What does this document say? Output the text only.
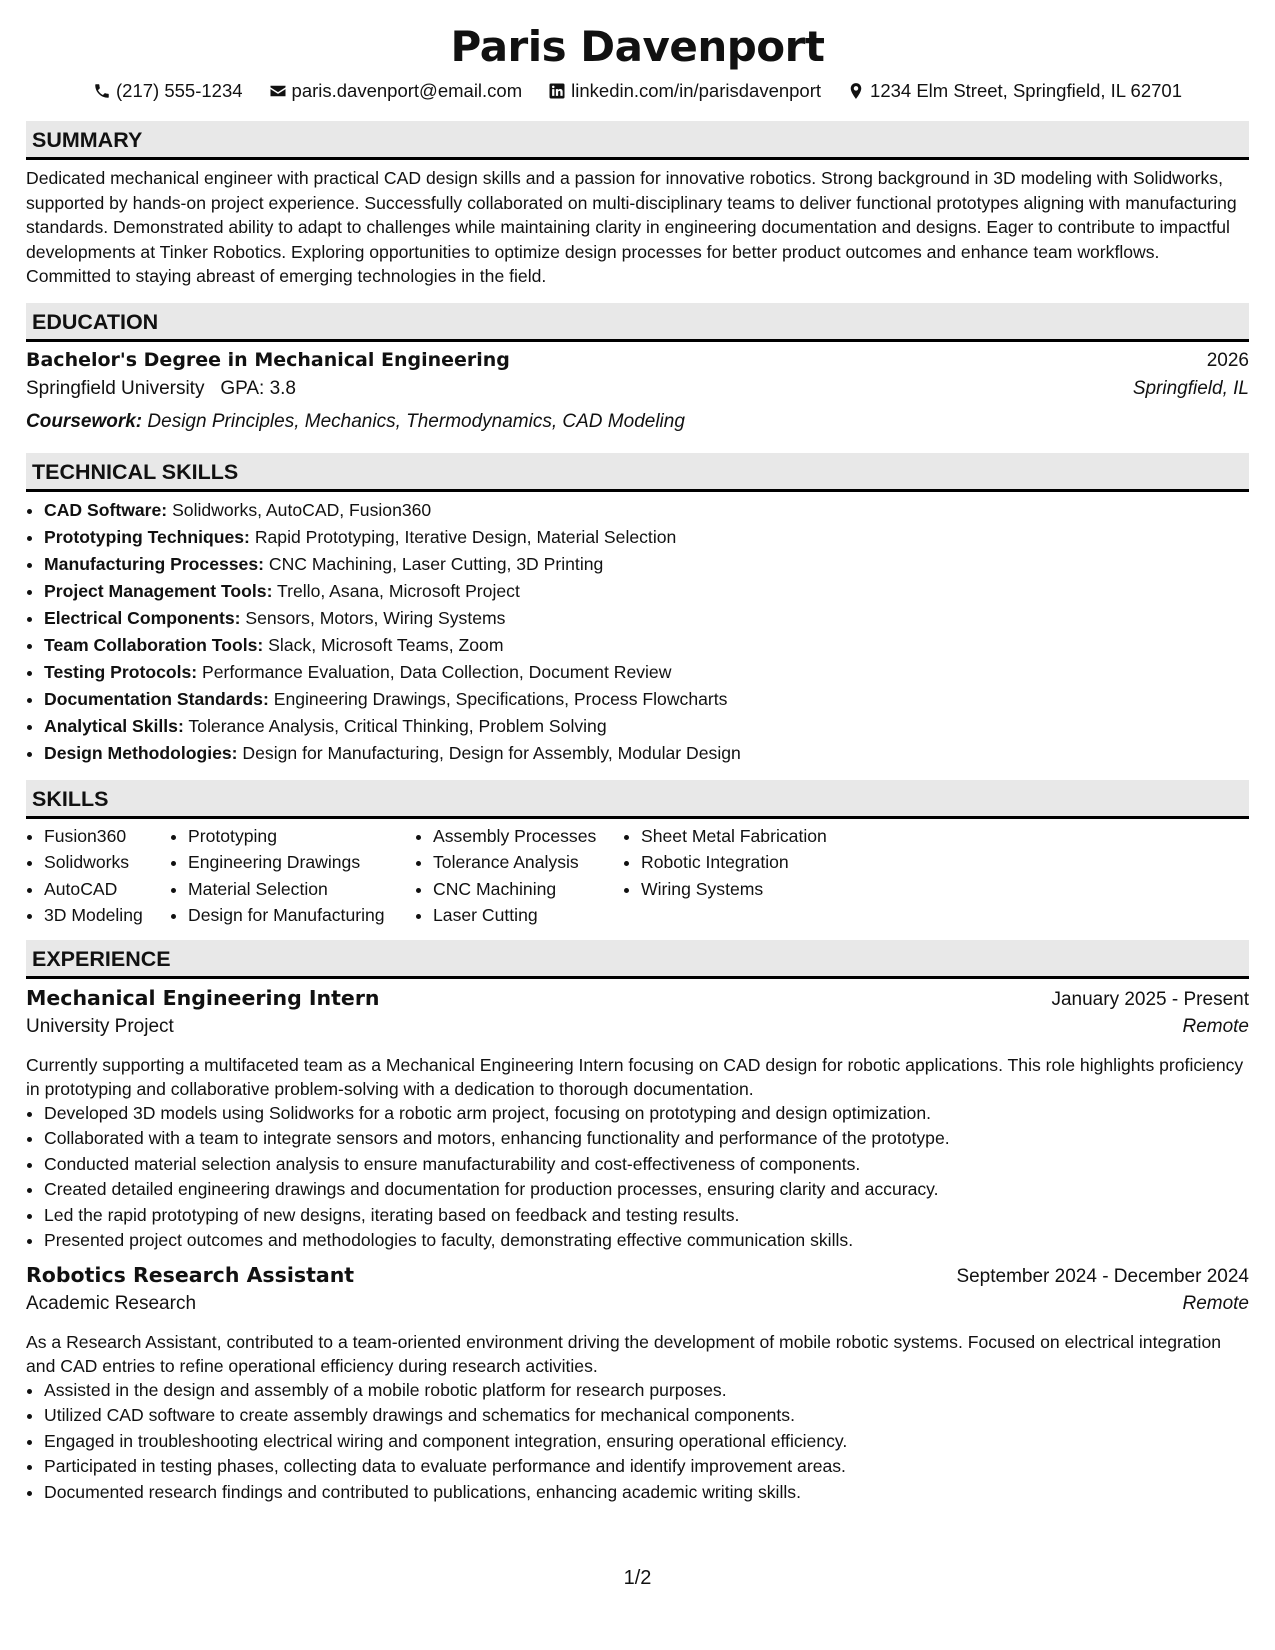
Paris Davenport
(217) 555-1234	paris.davenport@email.com	linkedin.com/in/parisdavenport	1234 Elm Street, Springfield, IL 62701
SUMMARY
Dedicated mechanical engineer with practical CAD design skills and a passion for innovative robotics. Strong background in 3D modeling with Solidworks, supported by hands-on project experience. Successfully collaborated on multi-disciplinary teams to deliver functional prototypes aligning with manufacturing standards. Demonstrated ability to adapt to challenges while maintaining clarity in engineering documentation and designs. Eager to contribute to impactful developments at Tinker Robotics. Exploring opportunities to optimize design processes for better product outcomes and enhance team workflows. Committed to staying abreast of emerging technologies in the field.
EDUCATION
Bachelor's Degree in Mechanical Engineering	2026
Springfield University GPA: 3.8	Springfield, IL
Coursework: Design Principles, Mechanics, Thermodynamics, CAD Modeling
TECHNICAL SKILLS
• CAD Software: Solidworks, AutoCAD, Fusion360
• Prototyping Techniques: Rapid Prototyping, Iterative Design, Material Selection
• Manufacturing Processes: CNC Machining, Laser Cutting, 3D Printing
• Project Management Tools: Trello, Asana, Microsoft Project
• Electrical Components: Sensors, Motors, Wiring Systems
• Team Collaboration Tools: Slack, Microsoft Teams, Zoom
• Testing Protocols: Performance Evaluation, Data Collection, Document Review
• Documentation Standards: Engineering Drawings, Specifications, Process Flowcharts
• Analytical Skills: Tolerance Analysis, Critical Thinking, Problem Solving
• Design Methodologies: Design for Manufacturing, Design for Assembly, Modular Design
SKILLS
• Fusion360
• Solidworks
• AutoCAD
• 3D Modeling
• Prototyping
• Engineering Drawings
• Material Selection
• Design for Manufacturing
• Assembly Processes
• Tolerance Analysis
• CNC Machining
• Laser Cutting
• Sheet Metal Fabrication
• Robotic Integration
• Wiring Systems
EXPERIENCE
Mechanical Engineering Intern	January 2025 - Present
University Project	Remote
Currently supporting a multifaceted team as a Mechanical Engineering Intern focusing on CAD design for robotic applications. This role highlights proficiency in prototyping and collaborative problem-solving with a dedication to thorough documentation.
• Developed 3D models using Solidworks for a robotic arm project, focusing on prototyping and design optimization.
• Collaborated with a team to integrate sensors and motors, enhancing functionality and performance of the prototype.
• Conducted material selection analysis to ensure manufacturability and cost-effectiveness of components.
• Created detailed engineering drawings and documentation for production processes, ensuring clarity and accuracy.
• Led the rapid prototyping of new designs, iterating based on feedback and testing results.
• Presented project outcomes and methodologies to faculty, demonstrating effective communication skills.
Robotics Research Assistant	September 2024 - December 2024
Academic Research	Remote
As a Research Assistant, contributed to a team-oriented environment driving the development of mobile robotic systems. Focused on electrical integration and CAD entries to refine operational efficiency during research activities.
• Assisted in the design and assembly of a mobile robotic platform for research purposes.
• Utilized CAD software to create assembly drawings and schematics for mechanical components.
• Engaged in troubleshooting electrical wiring and component integration, ensuring operational efficiency.
• Participated in testing phases, collecting data to evaluate performance and identify improvement areas.
• Documented research findings and contributed to publications, enhancing academic writing skills.
1/2
